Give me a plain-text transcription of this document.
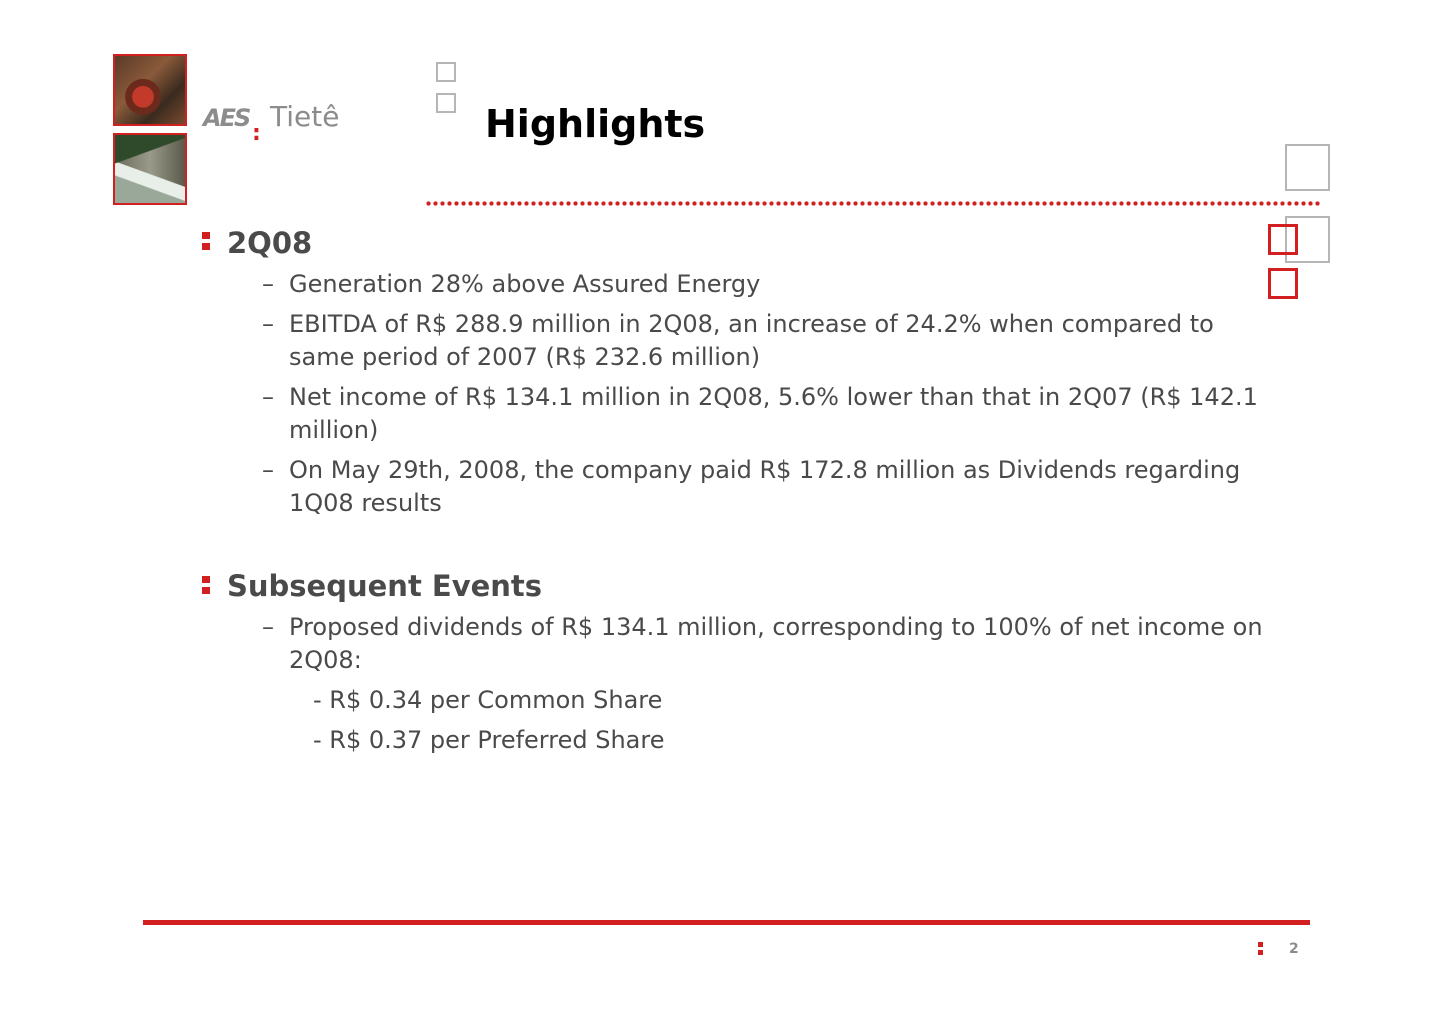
AES
:
Tietê	Highlights
2Q08
– Generation 28% above Assured Energy
– EBITDA of R$ 288.9 million in 2Q08, an increase of 24.2% when compared to same period of 2007 (R$ 232.6 million)
– Net income of R$ 134.1 million in 2Q08, 5.6% lower than that in 2Q07 (R$ 142.1 million)
– On May 29th, 2008, the company paid R$ 172.8 million as Dividends regarding 1Q08 results
Subsequent Events
– Proposed dividends of R$ 134.1 million, corresponding to 100% of net income on 2Q08:
- R$ 0.34 per Common Share
- R$ 0.37 per Preferred Share
2
